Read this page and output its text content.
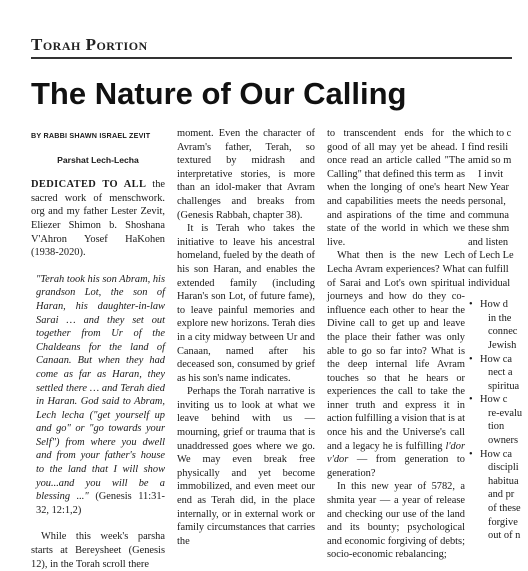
Torah Portion
The Nature of Our Calling

BY RABBI SHAWN ISRAEL ZEVIT

Parshat Lech-Lecha

DEDICATED TO ALL the sacred work of menschwork. org and my father Lester Zevit, Eliezer Shimon b. Shoshana V'Ahron Yosef HaKohen (1938-2020).

"Terah took his son Abram, his grandson Lot, the son of Haran, his daughter-in-law Sarai … and they set out together from Ur of the Chaldeans for the land of Canaan. But when they had come as far as Haran, they settled there … and Terah died in Haran. God said to Abram, Lech lecha ("get yourself up and go" or "go towards your Self") from where you dwell and from your father's house to the land that I will show you...and you will be a blessing ..." (Genesis 11:31-32, 12:1,2)

While this week's parsha starts at Bereysheet (Genesis 12), in the Torah scroll there

moment. Even the character of Avram's father, Terah, so textured by midrash and interpretative stories, is more than an idol-maker that Avram challenges and breaks from (Genesis Rabbah, chapter 38).

It is Terah who takes the initiative to leave his ancestral homeland, fueled by the death of his son Haran, and enables the extended family (including Haran's son Lot, of future fame), to leave painful memories and explore new horizons. Terah dies in a city midway between Ur and Canaan, named after his deceased son, consumed by grief as his son's name indicates.

Perhaps the Torah narrative is inviting us to look at what we leave behind with us — mourning, grief or trauma that is unaddressed goes where we go. We may even break free physically and yet become immobilized, and even meet our end as Terah did, in the place internally, or in external work or family circumstances that carries the

to transcendent ends for the good of all may yet be ahead. I once read an article called "The Calling" that defined this term as when the longing of one's heart and capabilities meets the needs and aspirations of the time and state of the world in which we live.

What then is the new Lech Lecha Avram experiences? What of Sarai and Lot's own spiritual journeys and how do they co-influence each other to hear the Divine call to get up and leave the place their father was only able to go so far into? What is the deep internal life Avram touches so that he hears or experiences the call to take the inner truth and express it in action fulfilling a vision that is at once his and the Universe's call and a legacy he is fulfilling l'dor v'dor — from generation to generation?

In this new year of 5782, a shmita year — a year of release and checking our use of the land and its bounty; psychological and economic forgiving of debts; socio-economic rebalancing;

which to c

find resili

amid so m

I invit

New Year

personal,

communa

these shm

and listen

of Lech Le

can fulfill

individual

• How d
in the
connec
Jewish
• How ca
nect a
spiritua
• How c
re-evalu
tion
owners
• How ca
discipli
habitua
and pr
of these
forgive
out of n
